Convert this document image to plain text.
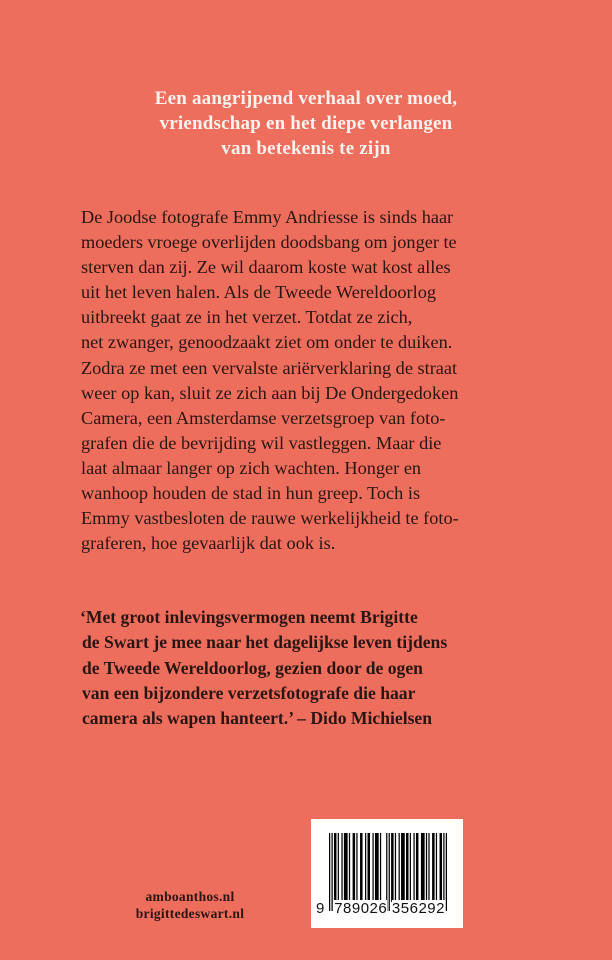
Een aangrijpend verhaal over moed,
vriendschap en het diepe verlangen
van betekenis te zijn
De Joodse fotografe Emmy Andriesse is sinds haar
moeders vroege overlijden doodsbang om jonger te
sterven dan zij. Ze wil daarom koste wat kost alles
uit het leven halen. Als de Tweede Wereldoorlog
uitbreekt gaat ze in het verzet. Totdat ze zich,
net zwanger, genoodzaakt ziet om onder te duiken.
Zodra ze met een vervalste ariërverklaring de straat
weer op kan, sluit ze zich aan bij De Ondergedoken
Camera, een Amsterdamse verzetsgroep van foto-
grafen die de bevrijding wil vastleggen. Maar die
laat almaar langer op zich wachten. Honger en
wanhoop houden de stad in hun greep. Toch is
Emmy vastbesloten de rauwe werkelijkheid te foto-
graferen, hoe gevaarlijk dat ook is.
‘Met groot inlevingsvermogen neemt Brigitte
de Swart je mee naar het dagelijkse leven tijdens
de Tweede Wereldoorlog, gezien door de ogen
van een bijzondere verzetsfotografe die haar
camera als wapen hanteert.’ – Dido Michielsen
amboanthos.nl
brigittedeswart.nl	9 789026 356292
